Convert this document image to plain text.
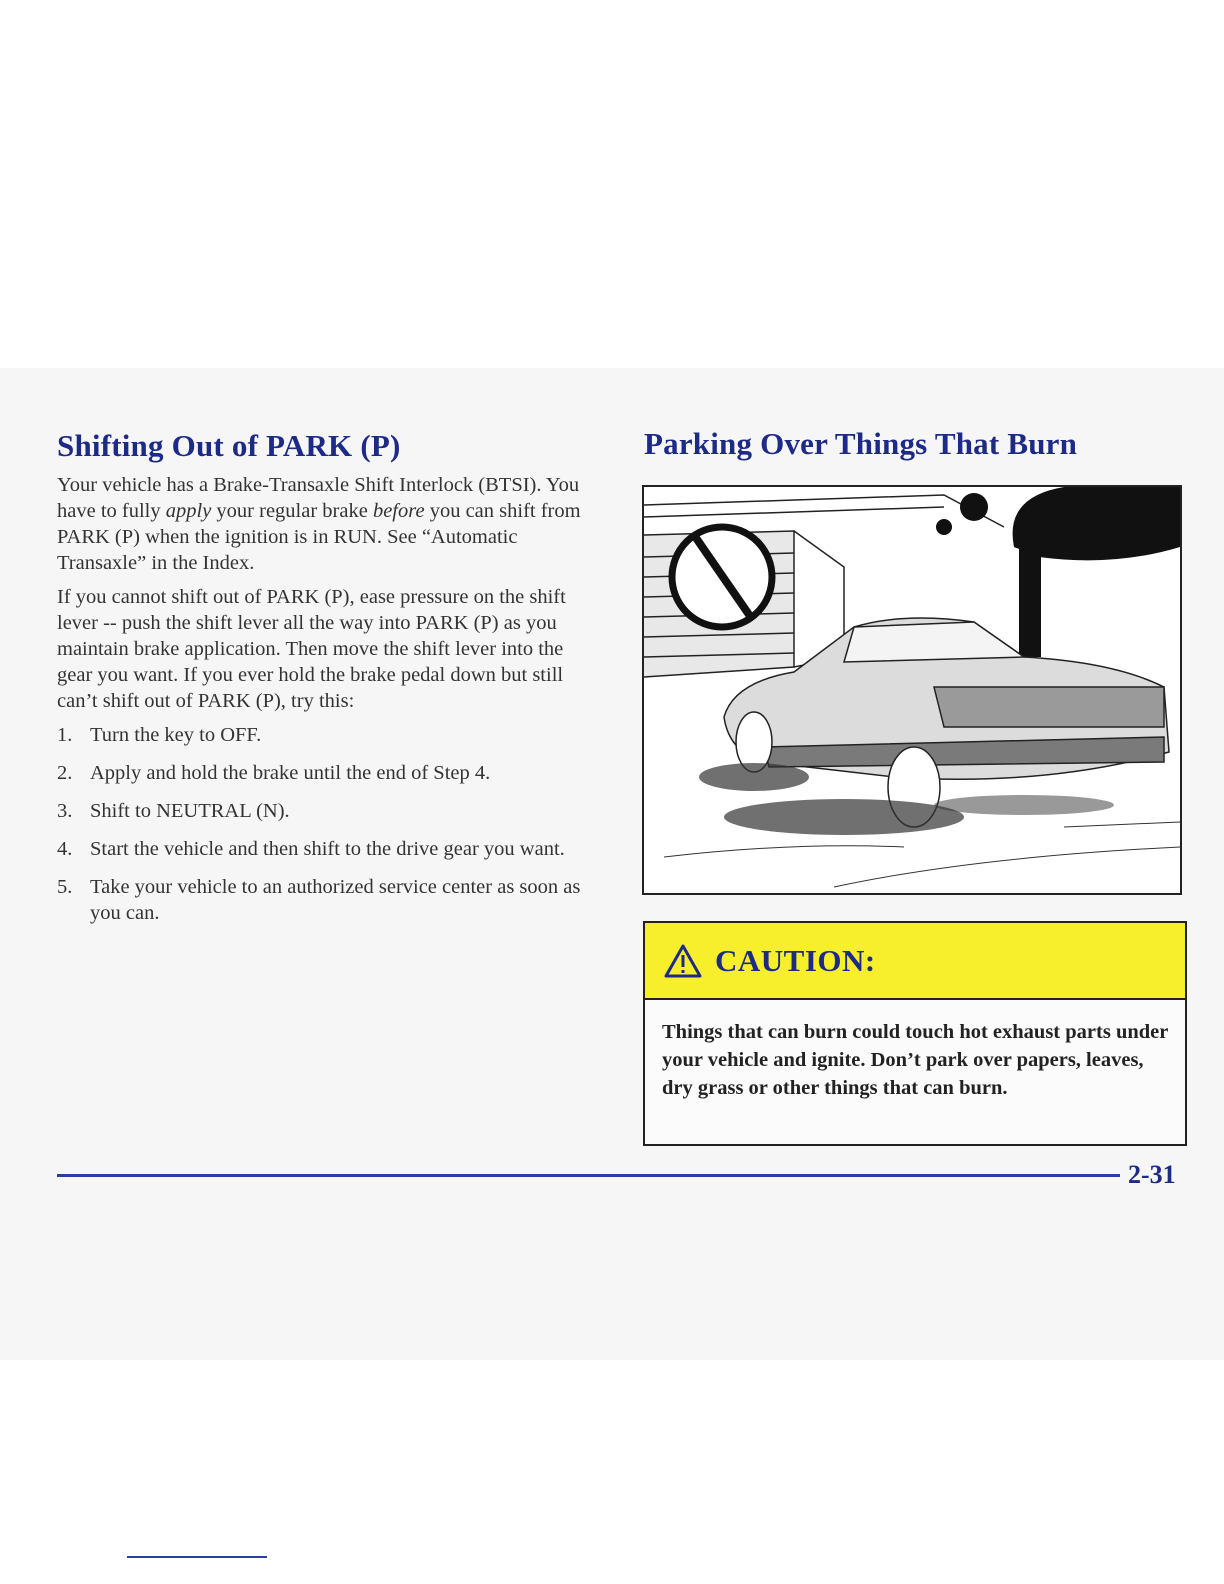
Shifting Out of PARK (P)	Parking Over Things That Burn

Your vehicle has a Brake-Transaxle Shift Interlock (BTSI). You have to fully apply your regular brake before you can shift from PARK (P) when the ignition is in RUN. See “Automatic Transaxle” in the Index.

If you cannot shift out of PARK (P), ease pressure on the shift lever -- push the shift lever all the way into PARK (P) as you maintain brake application. Then move the shift lever into the gear you want. If you ever hold the brake pedal down but still can’t shift out of PARK (P), try this:

1. Turn the key to OFF.
2. Apply and hold the brake until the end of Step 4.
3. Shift to NEUTRAL (N).
4. Start the vehicle and then shift to the drive gear you want.
5. Take your vehicle to an authorized service center as soon as you can.
CAUTION:
Things that can burn could touch hot exhaust parts under your vehicle and ignite. Don’t park over papers, leaves, dry grass or other things that can burn.
2-31
